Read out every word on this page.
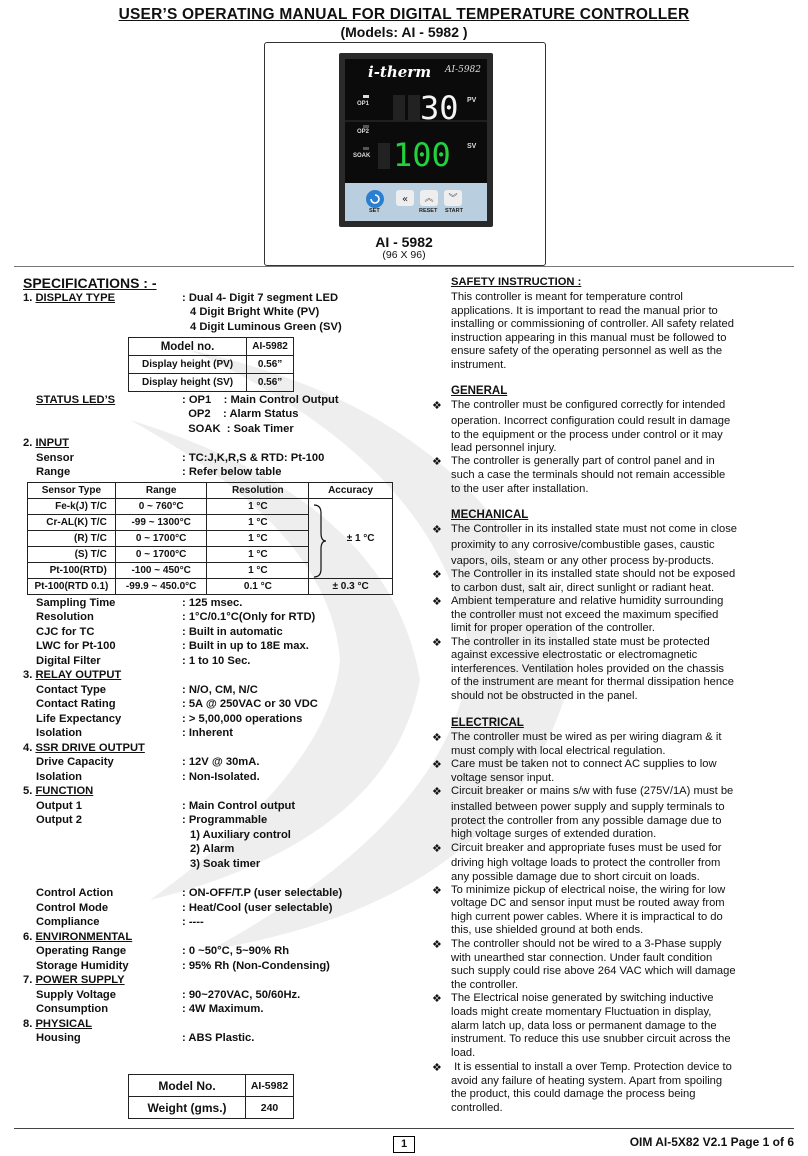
USER’S OPERATING MANUAL FOR DIGITAL TEMPERATURE CONTROLLER
(Models: AI - 5982 )
« ︽ ︾
i-therm AI-5982
30
100
OP1
OP2
SOAK
PV
SV
SET	RESET START
AI - 5982
(96 X 96)
SPECIFICATIONS : -
1. DISPLAY TYPE	: Dual 4- Digit 7 segment LED
4 Digit Bright White (PV)
4 Digit Luminous Green (SV)
STATUS LED’S	: OP1    : Main Control Output
OP2    : Alarm Status
SOAK  : Soak Timer
2. INPUT
Sensor	: TC:J,K,R,S & RTD: Pt-100
Range	: Refer below table
Sampling Time	: 125 msec.
Resolution	: 1°C/0.1°C(Only for RTD)
CJC for TC	: Built in automatic
LWC for Pt-100	: Built in up to 18E max.
Digital Filter	: 1 to 10 Sec.
3. RELAY OUTPUT
Contact Type	: N/O, CM, N/C
Contact Rating	: 5A @ 250VAC or 30 VDC
Life Expectancy	: > 5,00,000 operations
Isolation	: Inherent
4. SSR DRIVE OUTPUT
Drive Capacity	: 12V @ 30mA.
Isolation	: Non-Isolated.
5. FUNCTION
Output 1	: Main Control output
Output 2	: Programmable
1) Auxiliary control
2) Alarm
3) Soak timer
Control Action	: ON-OFF/T.P (user selectable)
Control Mode	: Heat/Cool (user selectable)
Compliance	: ----
6. ENVIRONMENTAL
Operating Range	: 0 ~50°C, 5~90% Rh
Storage Humidity	: 95% Rh (Non-Condensing)
7. POWER SUPPLY
Supply Voltage	: 90~270VAC, 50/60Hz.
Consumption	: 4W Maximum.
8. PHYSICAL
Housing	: ABS Plastic.
Model no.	AI-5982
Display height (PV)	0.56”
Display height (SV)	0.56”
Sensor Type	Range	Resolution	Accuracy
Fe-k(J) T/C	0 ~ 760°C	1 °C	± 1 °C
Cr-AL(K) T/C	-99 ~ 1300°C	1 °C	
(R) T/C	0 ~ 1700°C	1 °C	
(S) T/C	0 ~ 1700°C	1 °C	
Pt-100(RTD)	-100 ~ 450°C	1 °C	
Pt-100(RTD 0.1)	-99.9 ~ 450.0°C	0.1 °C	± 0.3 °C
Model No.	AI-5982
Weight (gms.)	240
SAFETY INSTRUCTION :
This controller is meant for temperature control
applications. It is important to read the manual prior to
installing or commissioning of controller. All safety related
instruction appearing in this manual must be followed to
ensure safety of the operating personnel as well as the
instrument.
GENERAL
❖ The controller must be configured correctly for intended
operation. Incorrect configuration could result in damage
to the equipment or the process under control or it may
lead personnel injury.
❖ The controller is generally part of control panel and in
such a case the terminals should not remain accessible
to the user after installation.
MECHANICAL
❖ The Controller in its installed state must not come in close
proximity to any corrosive/combustible gases, caustic
vapors, oils, steam or any other process by-products.
❖ The Controller in its installed state should not be exposed
to carbon dust, salt air, direct sunlight or radiant heat.
❖ Ambient temperature and relative humidity surrounding
the controller must not exceed the maximum specified
limit for proper operation of the controller.
❖ The controller in its installed state must be protected
against excessive electrostatic or electromagnetic
interferences. Ventilation holes provided on the chassis
of the instrument are meant for thermal dissipation hence
should not be obstructed in the panel.
ELECTRICAL
❖ The controller must be wired as per wiring diagram & it
must comply with local electrical regulation.
❖ Care must be taken not to connect AC supplies to low
voltage sensor input.
❖ Circuit breaker or mains s/w with fuse (275V/1A) must be
installed between power supply and supply terminals to
protect the controller from any possible damage due to
high voltage surges of extended duration.
❖ Circuit breaker and appropriate fuses must be used for
driving high voltage loads to protect the controller from
any possible damage due to short circuit on loads.
❖ To minimize pickup of electrical noise, the wiring for low
voltage DC and sensor input must be routed away from
high current power cables. Where it is impractical to do
this, use shielded ground at both ends.
❖ The controller should not be wired to a 3-Phase supply
with unearthed star connection. Under fault condition
such supply could rise above 264 VAC which will damage
the controller.
❖ The Electrical noise generated by switching inductive
loads might create momentary Fluctuation in display,
alarm latch up, data loss or permanent damage to the
instrument. To reduce this use snubber circuit across the
load.
❖ It is essential to install a over Temp. Protection device to
avoid any failure of heating system. Apart from spoiling
the product, this could damage the process being
controlled.
1	OIM AI-5X82 V2.1 Page 1 of 6
